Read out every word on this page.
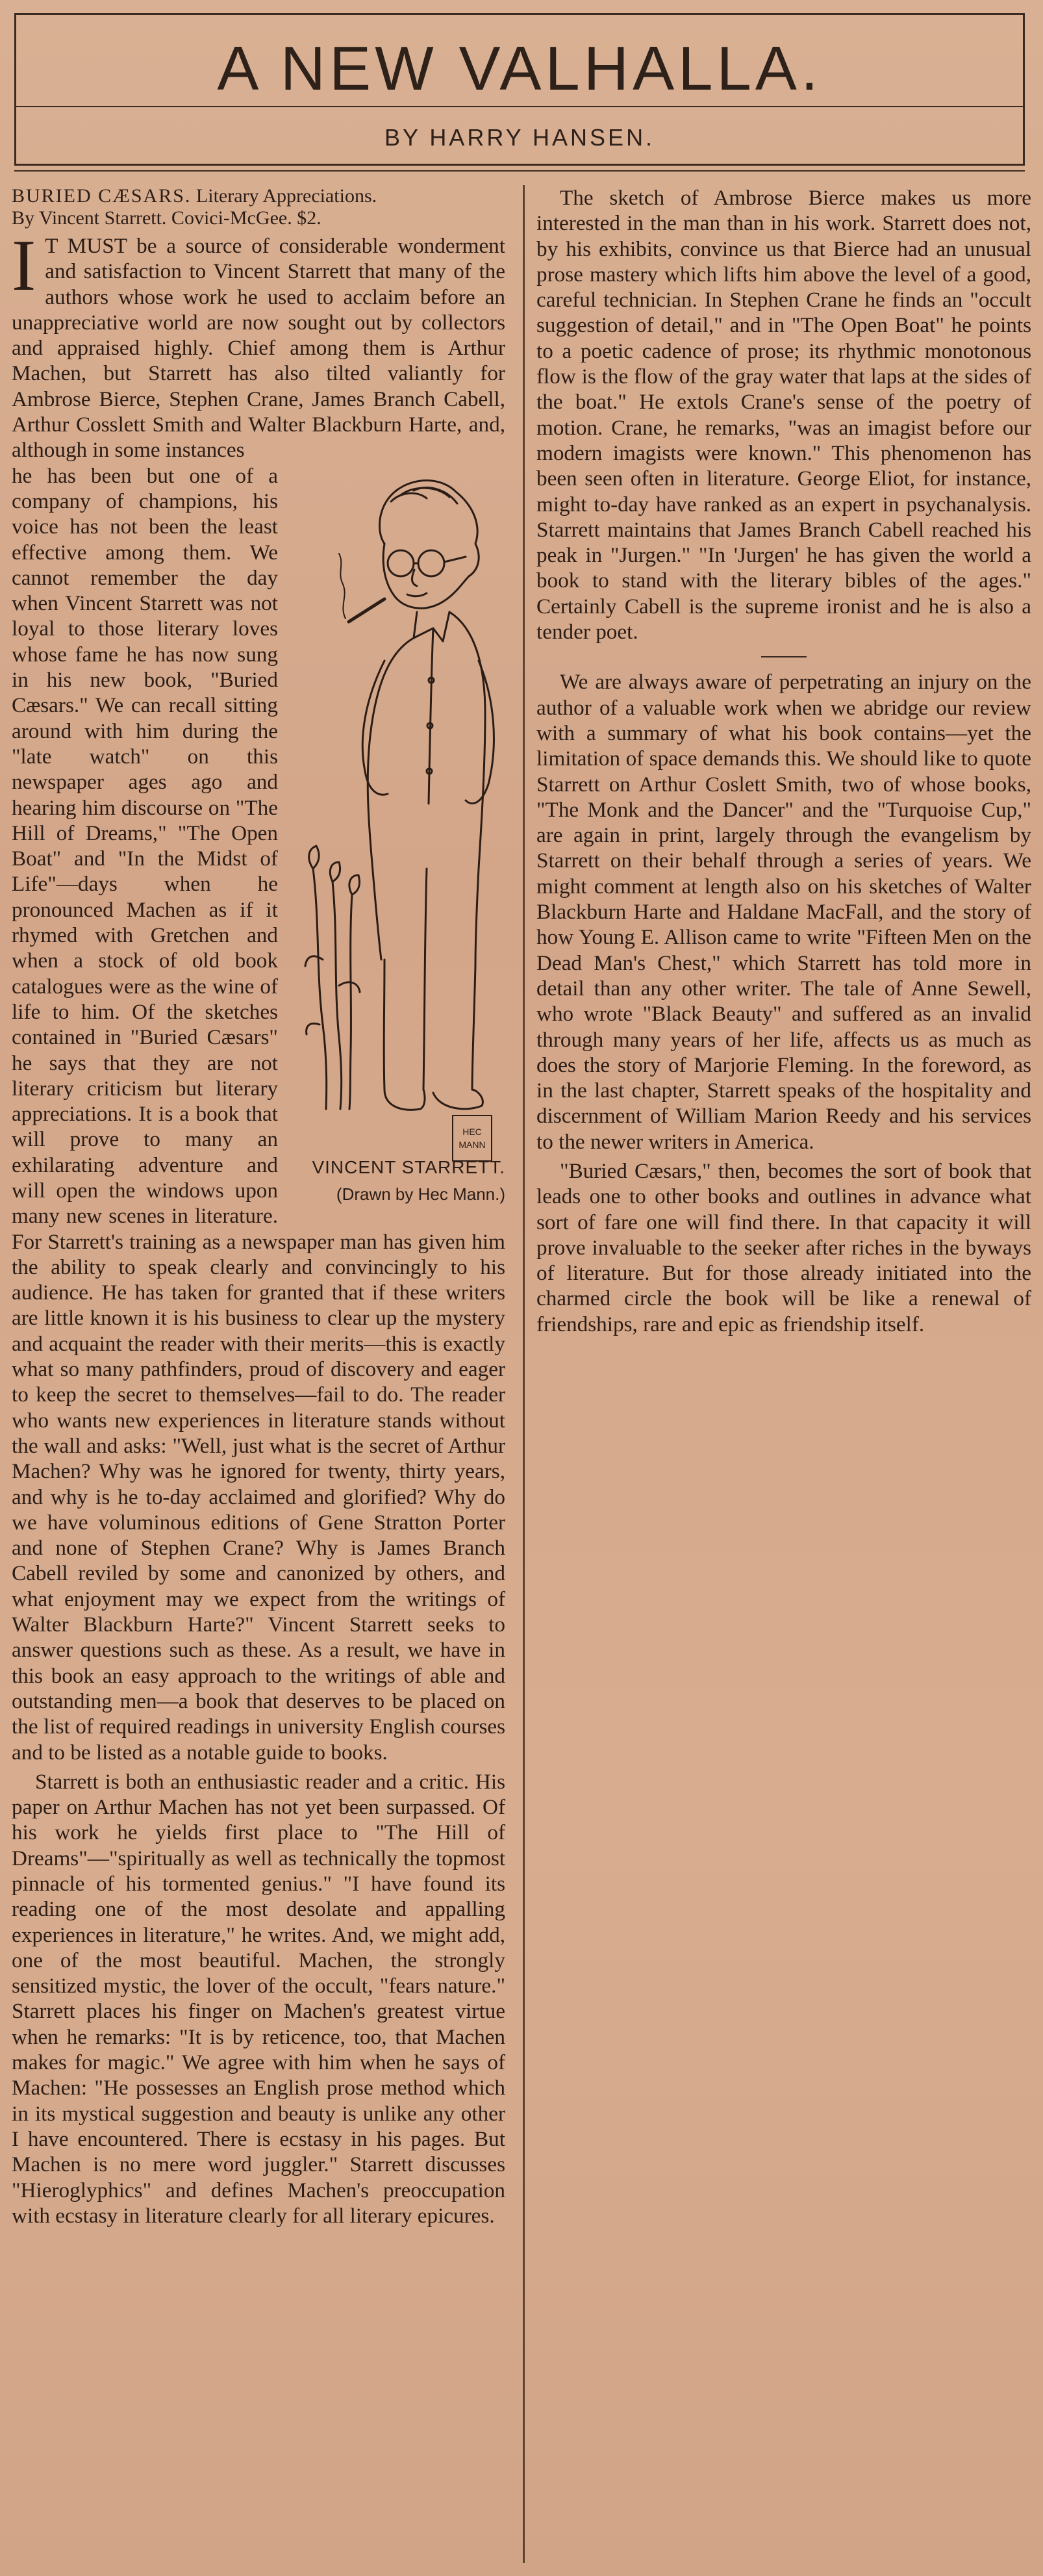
A NEW VALHALLA.
BY HARRY HANSEN.

BURIED CÆSARS. Literary Appreciations.
By Vincent Starrett. Covici-McGee. $2.

I T MUST be a source of considerable wonderment and satisfaction to Vincent Starrett that many of the authors whose work he used to acclaim before an unappreciative world are now sought out by collectors and appraised highly. Chief among them is Arthur Machen, but Starrett has also tilted valiantly for Ambrose Bierce, Stephen Crane, James Branch Cabell, Arthur Cosslett Smith and Walter Blackburn Harte, and, although in some instances

HEC
MANN
VINCENT STARRETT.
(Drawn by Hec Mann.)

he has been but one of a company of champions, his voice has not been the least effective among them. We cannot remember the day when Vincent Starrett was not loyal to those literary loves whose fame he has now sung in his new book, "Buried Cæsars." We can recall sitting around with him during the "late watch" on this newspaper ages ago and hearing him discourse on "The Hill of Dreams," "The Open Boat" and "In the Midst of Life"—days when he pronounced Machen as if it rhymed with Gretchen and when a stock of old book catalogues were as the wine of life to him. Of the sketches contained in "Buried Cæsars" he says that they are not literary criticism but literary appreciations. It is a book that will prove to many an exhilarating adventure and will open the windows upon many new scenes in literature. For Starrett's training as a newspaper man has given him the ability to speak clearly and convincingly to his audience. He has taken for granted that if these writers are little known it is his business to clear up the mystery and acquaint the reader with their merits—this is exactly what so many pathfinders, proud of discovery and eager to keep the secret to themselves—fail to do. The reader who wants new experiences in literature stands without the wall and asks: "Well, just what is the secret of Arthur Machen? Why was he ignored for twenty, thirty years, and why is he to-day acclaimed and glorified? Why do we have voluminous editions of Gene Stratton Porter and none of Stephen Crane? Why is James Branch Cabell reviled by some and canonized by others, and what enjoyment may we expect from the writings of Walter Blackburn Harte?" Vincent Starrett seeks to answer questions such as these. As a result, we have in this book an easy approach to the writings of able and outstanding men—a book that deserves to be placed on the list of required readings in university English courses and to be listed as a notable guide to books.

Starrett is both an enthusiastic reader and a critic. His paper on Arthur Machen has not yet been surpassed. Of his work he yields first place to "The Hill of Dreams"—"spiritually as well as technically the topmost pinnacle of his tormented genius." "I have found its reading one of the most desolate and appalling experiences in literature," he writes. And, we might add, one of the most beautiful. Machen, the strongly sensitized mystic, the lover of the occult, "fears nature." Starrett places his finger on Machen's greatest virtue when he remarks: "It is by reticence, too, that Machen makes for magic." We agree with him when he says of Machen: "He possesses an English prose method which in its mystical suggestion and beauty is unlike any other I have encountered. There is ecstasy in his pages. But Machen is no mere word juggler." Starrett discusses "Hieroglyphics" and defines Machen's preoccupation with ecstasy in literature clearly for all literary epicures.

The sketch of Ambrose Bierce makes us more interested in the man than in his work. Starrett does not, by his exhibits, convince us that Bierce had an unusual prose mastery which lifts him above the level of a good, careful technician. In Stephen Crane he finds an "occult suggestion of detail," and in "The Open Boat" he points to a poetic cadence of prose; its rhythmic monotonous flow is the flow of the gray water that laps at the sides of the boat." He extols Crane's sense of the poetry of motion. Crane, he remarks, "was an imagist before our modern imagists were known." This phenomenon has been seen often in literature. George Eliot, for instance, might to-day have ranked as an expert in psychanalysis. Starrett maintains that James Branch Cabell reached his peak in "Jurgen." "In 'Jurgen' he has given the world a book to stand with the literary bibles of the ages." Certainly Cabell is the supreme ironist and he is also a tender poet.

We are always aware of perpetrating an injury on the author of a valuable work when we abridge our review with a summary of what his book contains—yet the limitation of space demands this. We should like to quote Starrett on Arthur Coslett Smith, two of whose books, "The Monk and the Dancer" and the "Turquoise Cup," are again in print, largely through the evangelism by Starrett on their behalf through a series of years. We might comment at length also on his sketches of Walter Blackburn Harte and Haldane MacFall, and the story of how Young E. Allison came to write "Fifteen Men on the Dead Man's Chest," which Starrett has told more in detail than any other writer. The tale of Anne Sewell, who wrote "Black Beauty" and suffered as an invalid through many years of her life, affects us as much as does the story of Marjorie Fleming. In the foreword, as in the last chapter, Starrett speaks of the hospitality and discernment of William Marion Reedy and his services to the newer writers in America.

"Buried Cæsars," then, becomes the sort of book that leads one to other books and outlines in advance what sort of fare one will find there. In that capacity it will prove invaluable to the seeker after riches in the byways of literature. But for those already initiated into the charmed circle the book will be like a renewal of friendships, rare and epic as friendship itself.
